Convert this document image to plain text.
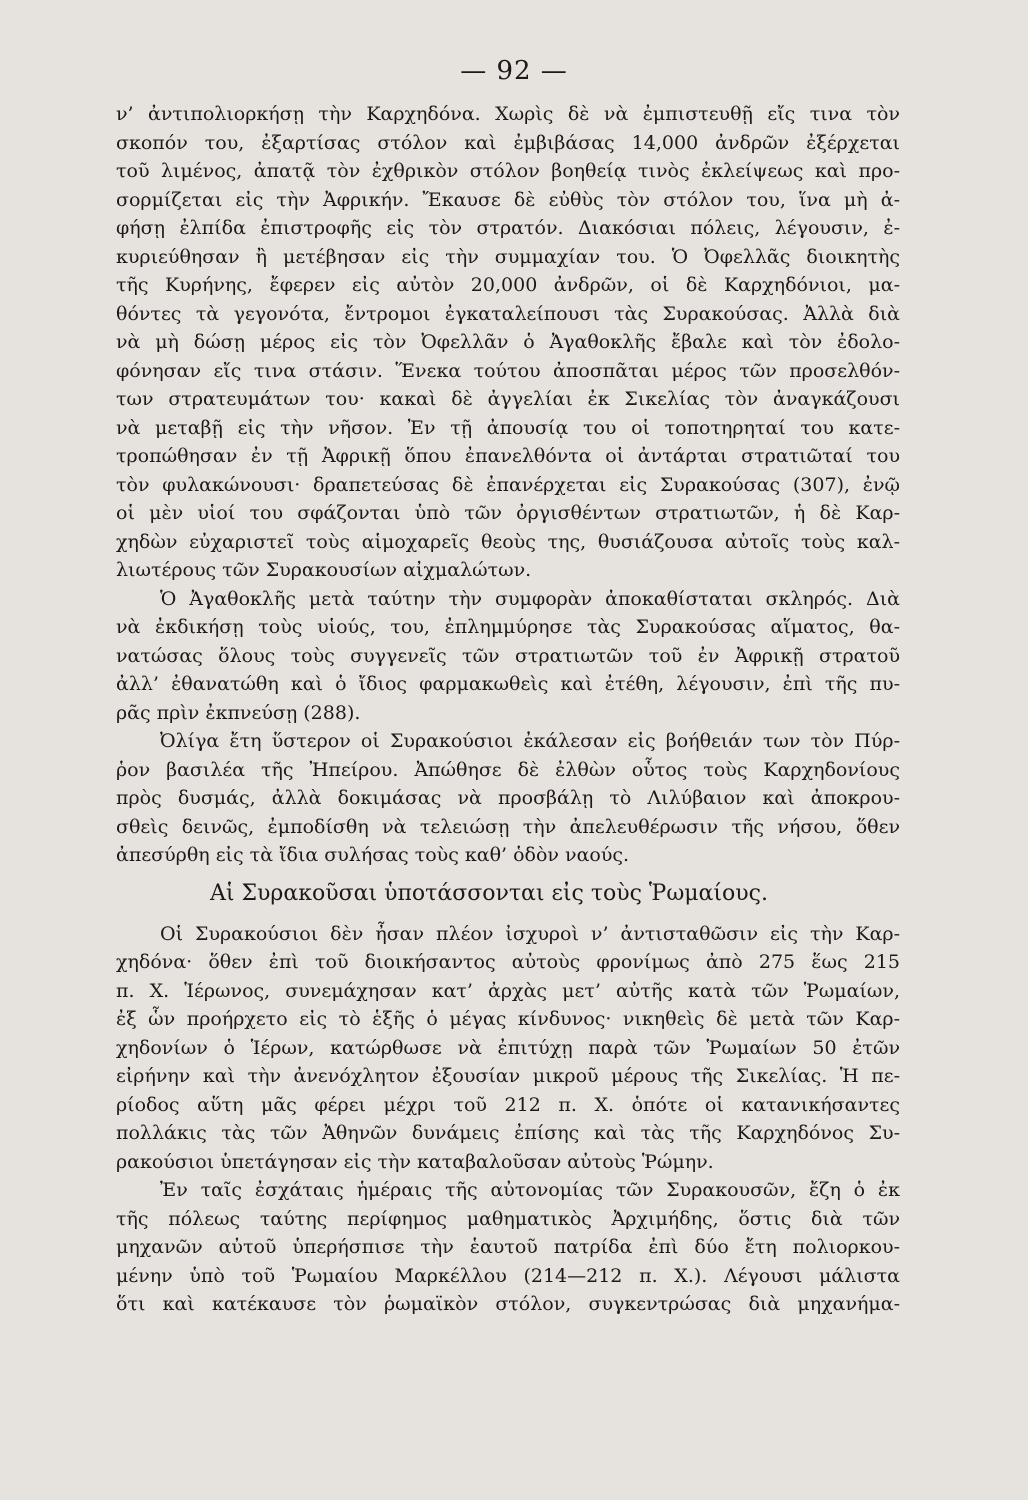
— 92 —
ν’ ἀντιπολιορκήσῃ τὴν Καρχηδόνα. Χωρὶς δὲ νὰ ἐμπιστευθῇ εἴς τινα τὸν
σκοπόν του, ἐξαρτίσας στόλον καὶ ἐμβιβάσας 14,000 ἀνδρῶν ἐξέρχεται
τοῦ λιμένος, ἀπατᾷ τὸν ἐχθρικὸν στόλον βοηθείᾳ τινὸς ἐκλείψεως καὶ προ-
σορμίζεται εἰς τὴν Ἀφρικήν. Ἔκαυσε δὲ εὐθὺς τὸν στόλον του, ἵνα μὴ ἀ-
φήσῃ ἐλπίδα ἐπιστροφῆς εἰς τὸν στρατόν. Διακόσιαι πόλεις, λέγουσιν, ἐ-
κυριεύθησαν ἢ μετέβησαν εἰς τὴν συμμαχίαν του. Ὁ Ὀφελλᾶς διοικητὴς
τῆς Κυρήνης, ἔφερεν εἰς αὐτὸν 20,000 ἀνδρῶν, οἱ δὲ Καρχηδόνιοι, μα-
θόντες τὰ γεγονότα, ἔντρομοι ἐγκαταλείπουσι τὰς Συρακούσας. Ἀλλὰ διὰ
νὰ μὴ δώσῃ μέρος εἰς τὸν Ὀφελλᾶν ὁ Ἀγαθοκλῆς ἔβαλε καὶ τὸν ἐδολο-
φόνησαν εἴς τινα στάσιν. Ἕνεκα τούτου ἀποσπᾶται μέρος τῶν προσελθόν-
των στρατευμάτων του· κακαὶ δὲ ἀγγελίαι ἐκ Σικελίας τὸν ἀναγκάζουσι
νὰ μεταβῇ εἰς τὴν νῆσον. Ἐν τῇ ἀπουσίᾳ του οἱ τοποτηρηταί του κατε-
τροπώθησαν ἐν τῇ Ἀφρικῇ ὅπου ἐπανελθόντα οἱ ἀντάρται στρατιῶταί του
τὸν φυλακώνουσι· δραπετεύσας δὲ ἐπανέρχεται εἰς Συρακούσας (307), ἐνῷ
οἱ μὲν υἱοί του σφάζονται ὑπὸ τῶν ὀργισθέντων στρατιωτῶν, ἡ δὲ Καρ-
χηδὼν εὐχαριστεῖ τοὺς αἱμοχαρεῖς θεοὺς της, θυσιάζουσα αὐτοῖς τοὺς καλ-
λιωτέρους τῶν Συρακουσίων αἰχμαλώτων.
Ὁ Ἀγαθοκλῆς μετὰ ταύτην τὴν συμφορὰν ἀποκαθίσταται σκληρός. Διὰ
νὰ ἐκδικήσῃ τοὺς υἱούς, του, ἐπλημμύρησε τὰς Συρακούσας αἵματος, θα-
νατώσας ὅλους τοὺς συγγενεῖς τῶν στρατιωτῶν τοῦ ἐν Ἀφρικῇ στρατοῦ
ἀλλ’ ἐθανατώθη καὶ ὁ ἴδιος φαρμακωθεὶς καὶ ἐτέθη, λέγουσιν, ἐπὶ τῆς πυ-
ρᾶς πρὶν ἐκπνεύσῃ (288).
Ὀλίγα ἔτη ὕστερον οἱ Συρακούσιοι ἐκάλεσαν εἰς βοήθειάν των τὸν Πύρ-
ῥον βασιλέα τῆς Ἠπείρου. Ἀπώθησε δὲ ἐλθὼν οὗτος τοὺς Καρχηδονίους
πρὸς δυσμάς, ἀλλὰ δοκιμάσας νὰ προσβάλῃ τὸ Λιλύβαιον καὶ ἀποκρου-
σθεὶς δεινῶς, ἐμποδίσθη νὰ τελειώσῃ τὴν ἀπελευθέρωσιν τῆς νήσου, ὅθεν
ἀπεσύρθη εἰς τὰ ἴδια συλήσας τοὺς καθ’ ὁδὸν ναούς.
Αἱ Συρακοῦσαι ὑποτάσσονται εἰς τοὺς Ῥωμαίους.
Οἱ Συρακούσιοι δὲν ἦσαν πλέον ἰσχυροὶ ν’ ἀντισταθῶσιν εἰς τὴν Καρ-
χηδόνα· ὅθεν ἐπὶ τοῦ διοικήσαντος αὐτοὺς φρονίμως ἀπὸ 275 ἕως 215
π. Χ. Ἱέρωνος, συνεμάχησαν κατ’ ἀρχὰς μετ’ αὐτῆς κατὰ τῶν Ῥωμαίων,
ἐξ ὧν προήρχετο εἰς τὸ ἑξῆς ὁ μέγας κίνδυνος· νικηθεὶς δὲ μετὰ τῶν Καρ-
χηδονίων ὁ Ἱέρων, κατώρθωσε νὰ ἐπιτύχῃ παρὰ τῶν Ῥωμαίων 50 ἐτῶν
εἰρήνην καὶ τὴν ἀνενόχλητον ἐξουσίαν μικροῦ μέρους τῆς Σικελίας. Ἡ πε-
ρίοδος αὕτη μᾶς φέρει μέχρι τοῦ 212 π. Χ. ὁπότε οἱ κατανικήσαντες
πολλάκις τὰς τῶν Ἀθηνῶν δυνάμεις ἐπίσης καὶ τὰς τῆς Καρχηδόνος Συ-
ρακούσιοι ὑπετάγησαν εἰς τὴν καταβαλοῦσαν αὐτοὺς Ῥώμην.
Ἐν ταῖς ἐσχάταις ἡμέραις τῆς αὐτονομίας τῶν Συρακουσῶν, ἔζη ὁ ἐκ
τῆς πόλεως ταύτης περίφημος μαθηματικὸς Ἀρχιμήδης, ὅστις διὰ τῶν
μηχανῶν αὐτοῦ ὑπερήσπισε τὴν ἑαυτοῦ πατρίδα ἐπὶ δύο ἔτη πολιορκου-
μένην ὑπὸ τοῦ Ῥωμαίου Μαρκέλλου (214—212 π. Χ.). Λέγουσι μάλιστα
ὅτι καὶ κατέκαυσε τὸν ῥωμαϊκὸν στόλον, συγκεντρώσας διὰ μηχανήμα-
